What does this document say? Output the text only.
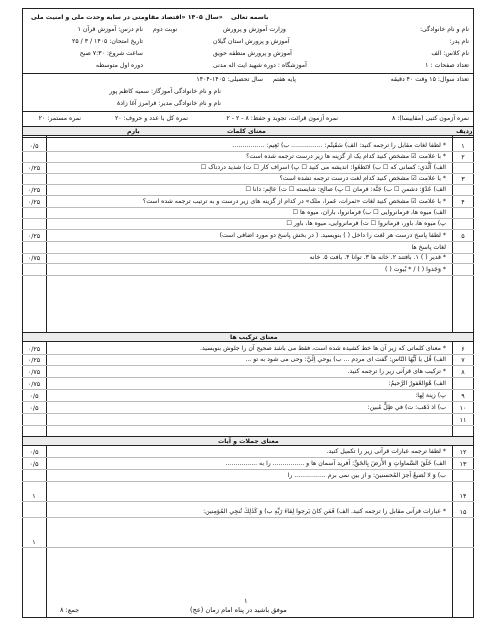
سال ۱۴۰۵ «اقتصاد مقاومتی در سایه وحدت ملی و امنیت ملی» باسمه تعالی
وزارت آموزش و پرورش
آموزش و پرورش استان گیلان
آموزش و پرورش منطقه حویق
آموزشگاه : دوره شهید ایت اله مدنی
نام درس: آموزش قرآن ۱ نوبت دوم
تاریخ امتحان: ۱۴۰۵ / ۳ / ۲۵
ساعت شروع: ۷:۳۰ صبح
دوره اول متوسطه
نام و نام خانوادگی:
نام پدر:
نام کلاس: الف
تعداد صفحات : ۱
تعداد سوال: ۱۵ وقت ۴۰ دقیقه
پایه هفتم
سال تحصیلی: ۱۴۰۵-۱۴۰۴
نام و نام خانوادگی آموزگار: سمیه کاظم پور
نام و نام خانوادگی مدیر: فرامرز آغا زادهٔ
نمره آزمون کتبی (مقاییسا): ۸
نمره آزمون قرائت، تجوید و حفظ: ۸ - ۲ - ۲
نمره کل با عدد و حروف: ۲۰
نمره مستمر: ۲۰
ردیف
معنای کلمات
بارم
۱
* لطفا لغات مقابل را ترجمه کنید: الف) سَقَيتُم: ................ ب) نَعِيم: ................
۰/۵
۲
* با علامت ☑ مشخص کنید کدام یک از گزینه ها زیر درست ترجمه شده است؟
الف) اَلَّذي: کسانی که ☐ ب) لاتَطغَوا: اندیشه می کنید ☐ پ) اسراف کار ☐ ت) شدید دردناک ☐
۰/۲۵
۳
* با علامت ☑ مشخص کنید کدام لغت درست ترجمه نشده است؟
الف) عَدُوّ: دشمن ☐ ب) جَنَّة: فرمان ☐ پ) صالح: شایسته ☐ ت) عالِم: دانا ☐
۰/۲۵
۴
* با علامت ☑ مشخص کنید لغات «ثمرات، غمرا، ملک» در کدام از گزینه های زیر درست و به ترتیب ترجمه شده است؟
۰/۲۵
الف) میوه ها، فرمانروایی ☐ ب) فرمانروا، باران، میوه ها ☐
پ) میوه ها، باور، فرمانروا ☐ ت) فرمانروایی، میوه ها، باور ☐
۵
* لطفا پاسخ درست هر لغت را داخل ( ) بنویسید. ( در بخش پاسخ دو مورد اضافی است)
۰/۲۵
لغات پاسخ ها
* قدیر ( ) ۱. بافتند ۲. خانه ها ۳. توانا ۴. بافت ۵. خانه
۰/۷۵
* وَجَدوا ( ) / * بُیوت ( )
۶
* معنای کلماتی که زیر آن ها خط کشیده شده است، فقط می باشد صحیح آن را جلوش بنویسید.
۰/۲۵
۷
الف) قُل يا اَيُّهَا النّاس: گفت ای مردم ... ب) يوحي اِلَيَّ: وحی می شود به تو ...
۰/۲۵
۸
* ترکیب های قرآنی زیر را ترجمه کنید.
۰/۷۵
الف) هُوَالغَفورُ الرَّحيمُ:
۰/۷۵
۹
پ) زینة لِها:
۰/۵
۱۰
ب) اذ ذَهَب: ت) في ظِلٍّ مُبين:
۰/۵
۱۱
۱۲
* لطفا ترجمه عبارات قرآنی زیر را تکمیل کنید.
۰/۵
۱۳
الف) خَلَقَ السَّماواتِ وَ الأَرضَ بِالحَقِّ: آفرید آسمان ها و ................ را به ................
۰/۵
ب) وَ لا تُضيعُ اَجرَ المُحسنينَ: و از بین نمی برم ................ را
۱۴
۱
۱۵
* عبارات قرآنی مقابل را ترجمه کنید. الف) فَمَن كانَ يَرجوا لِقاءَ رَبِّهِ ب) وَ كَذٰلِكَ نُنجِي المُؤمِنين:
۱
معنای ترکیب ها
معنای جملات و آیات
۱
موفق باشید در پناه امام زمان (عج)
جمع: ۸
